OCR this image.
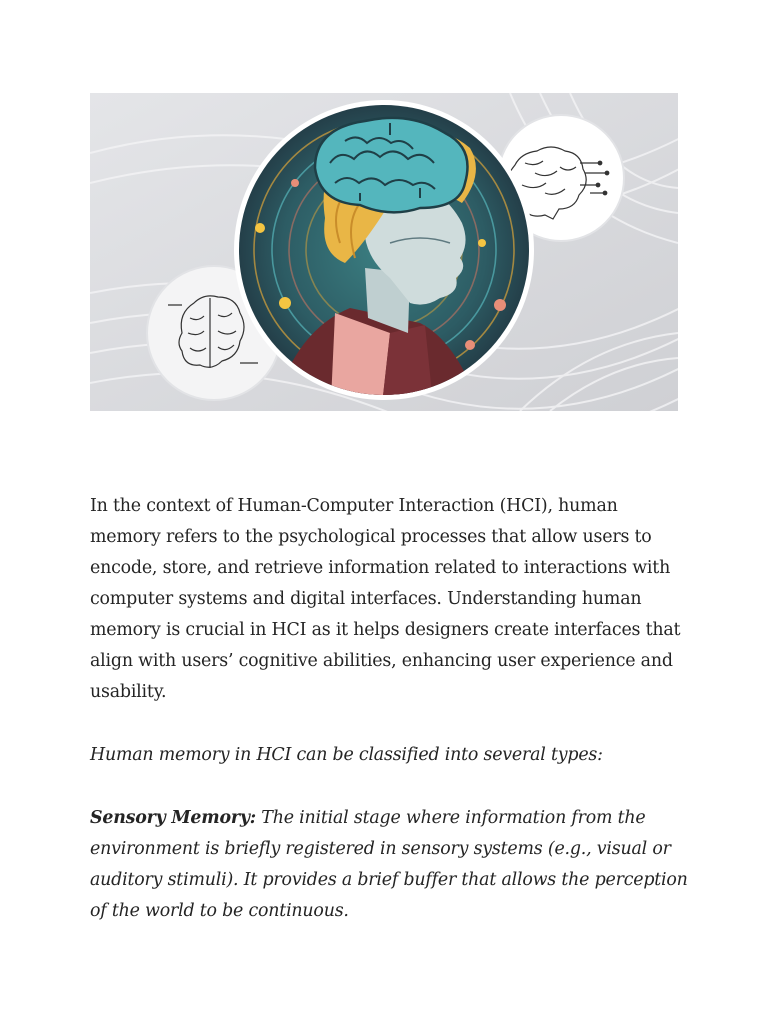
In the context of Human-Computer Interaction (HCI), human memory refers to the psychological processes that allow users to encode, store, and retrieve information related to interactions with computer systems and digital interfaces. Understanding human memory is crucial in HCI as it helps designers create interfaces that align with users’ cognitive abilities, enhancing user experience and usability.

Human memory in HCI can be classified into several types:

Sensory Memory: The initial stage where information from the environment is briefly registered in sensory systems (e.g., visual or auditory stimuli). It provides a brief buffer that allows the perception of the world to be continuous.
